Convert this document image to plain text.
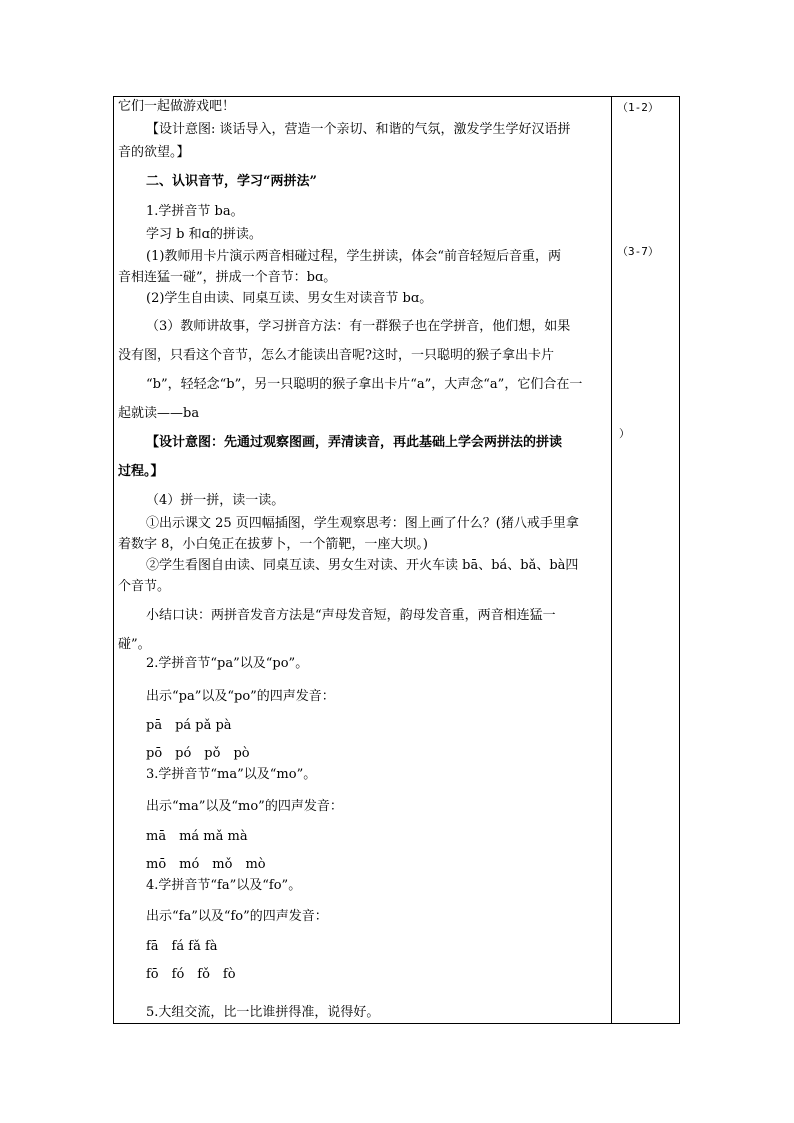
它们一起做游戏吧！
【设计意图: 谈话导入，营造一个亲切、和谐的气氛，激发学生学好汉语拼
音的欲望。】
二、认识音节，学习“两拼法”
1.学拼音节 ba。
学习 b 和ɑ的拼读。
(1)教师用卡片演示两音相碰过程，学生拼读，体会“前音轻短后音重，两
音相连猛一碰”，拼成一个音节：bɑ。
(2)学生自由读、同桌互读、男女生对读音节 bɑ。
（3）教师讲故事，学习拼音方法：有一群猴子也在学拼音，他们想，如果
没有图，只看这个音节，怎么才能读出音呢?这时，一只聪明的猴子拿出卡片
“b”，轻轻念“b”，另一只聪明的猴子拿出卡片“a”，大声念“a”，它们合在一
起就读——ba
【设计意图：先通过观察图画，弄清读音，再此基础上学会两拼法的拼读
过程。】
（4）拼一拼，读一读。
①出示课文 25 页四幅插图，学生观察思考：图上画了什么？(猪八戒手里拿
着数字 8，小白兔正在拔萝卜，一个箭靶，一座大坝。)
②学生看图自由读、同桌互读、男女生对读、开火车读 bā、bá、bǎ、bà四
个音节。
小结口诀：两拼音发音方法是“声母发音短，韵母发音重，两音相连猛一
碰”。
2.学拼音节“pa”以及“po”。
出示“pa”以及“po”的四声发音：
pā　pá pǎ pà
pō　pó　pǒ　pò
3.学拼音节“ma”以及“mo”。
出示“ma”以及“mo”的四声发音：
mā　má mǎ mà
mō　mó　mǒ　mò
4.学拼音节“fa”以及“fo”。
出示“fa”以及“fo”的四声发音：
fā　fá fǎ fà
fō　fó　fǒ　fò
5.大组交流，比一比谁拼得准，说得好。
（1-2）
（3-7）
）
